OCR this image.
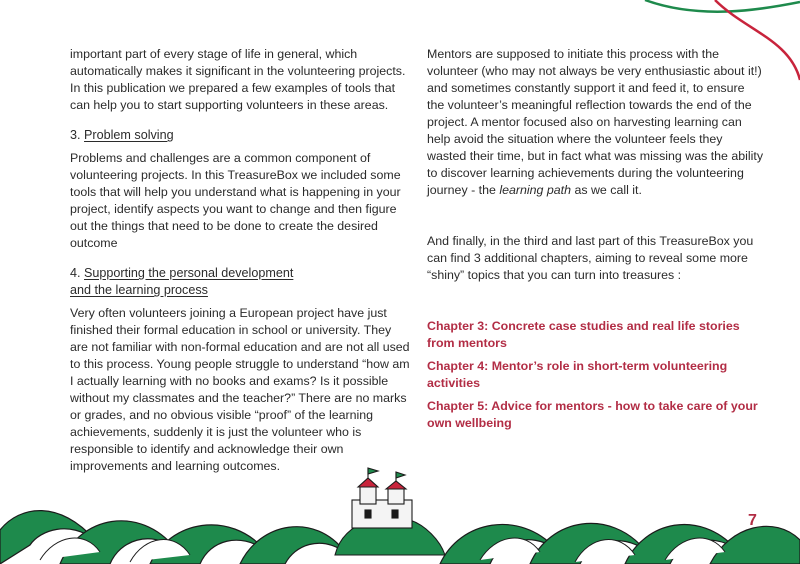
important part of every stage of life in general, which automatically makes it significant in the volunteering projects. In this publication we prepared a few examples of tools that can help you to start supporting volunteers in these areas.

3. Problem solving

Problems and challenges are a common component of volunteering projects. In this TreasureBox we included some tools that will help you understand what is happening in your project, identify aspects you want to change and then figure out the things that need to be done to create the desired outcome

4. Supporting the personal development
and the learning process

Very often volunteers joining a European project have just finished their formal education in school or university. They are not familiar with non-formal education and are not all used to this process. Young people struggle to understand “how am I actually learning with no books and exams? Is it possible without my classmates and the teacher?” There are no marks or grades, and no obvious visible “proof” of the learning achievements, suddenly it is just the volunteer who is responsible to identify and acknowledge their own improvements and learning outcomes.

Mentors are supposed to initiate this process with the volunteer (who may not always be very enthusiastic about it!) and sometimes constantly support it and feed it, to ensure the volunteer’s meaningful reflection towards the end of the project. A mentor focused also on harvesting learning can help avoid the situation where the volunteer feels they wasted their time, but in fact what was missing was the ability to discover learning achievements during the volunteering journey - the learning path as we call it.

And finally, in the third and last part of this TreasureBox you can find 3 additional chapters, aiming to reveal some more “shiny” topics that you can turn into treasures :

Chapter 3: Concrete case studies and real life stories from mentors

Chapter 4: Mentor’s role in short-term volunteering activities

Chapter 5: Advice for mentors - how to take care of your own wellbeing

7
